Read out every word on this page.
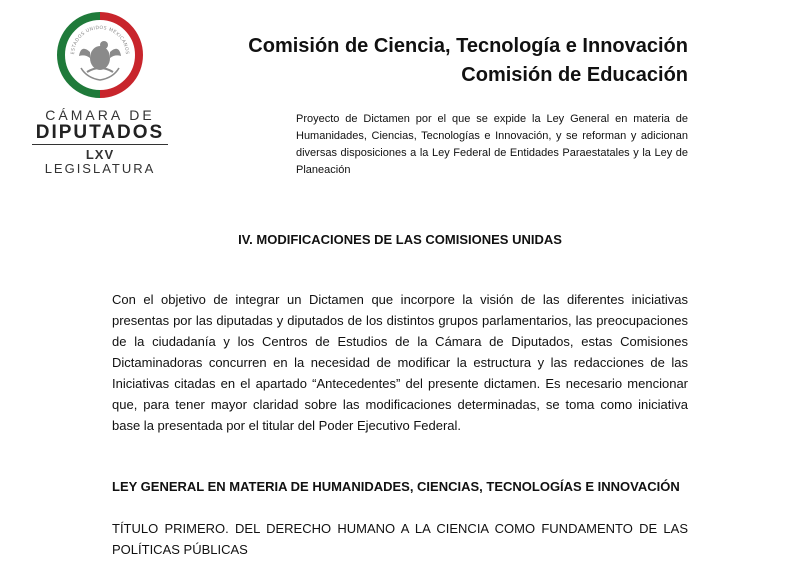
ESTADOS UNIDOS MEXICANOS
CÁMARA DE
DIPUTADOS
LXV LEGISLATURA
Comisión de Ciencia, Tecnología e Innovación
Comisión de Educación
Proyecto de Dictamen por el que se expide la Ley General en materia de Humanidades, Ciencias, Tecnologías e Innovación, y se reforman y adicionan diversas disposiciones a la Ley Federal de Entidades Paraestatales y la Ley de Planeación
IV. MODIFICACIONES DE LAS COMISIONES UNIDAS
Con el objetivo de integrar un Dictamen que incorpore la visión de las diferentes iniciativas presentas por las diputadas y diputados de los distintos grupos parlamentarios, las preocupaciones de la ciudadanía y los Centros de Estudios de la Cámara de Diputados, estas Comisiones Dictaminadoras concurren en la necesidad de modificar la estructura y las redacciones de las Iniciativas citadas en el apartado “Antecedentes” del presente dictamen. Es necesario mencionar que, para tener mayor claridad sobre las modificaciones determinadas, se toma como iniciativa base la presentada por el titular del Poder Ejecutivo Federal.
LEY GENERAL EN MATERIA DE HUMANIDADES, CIENCIAS, TECNOLOGÍAS E INNOVACIÓN
TÍTULO PRIMERO. DEL DERECHO HUMANO A LA CIENCIA COMO FUNDAMENTO DE LAS POLÍTICAS PÚBLICAS
